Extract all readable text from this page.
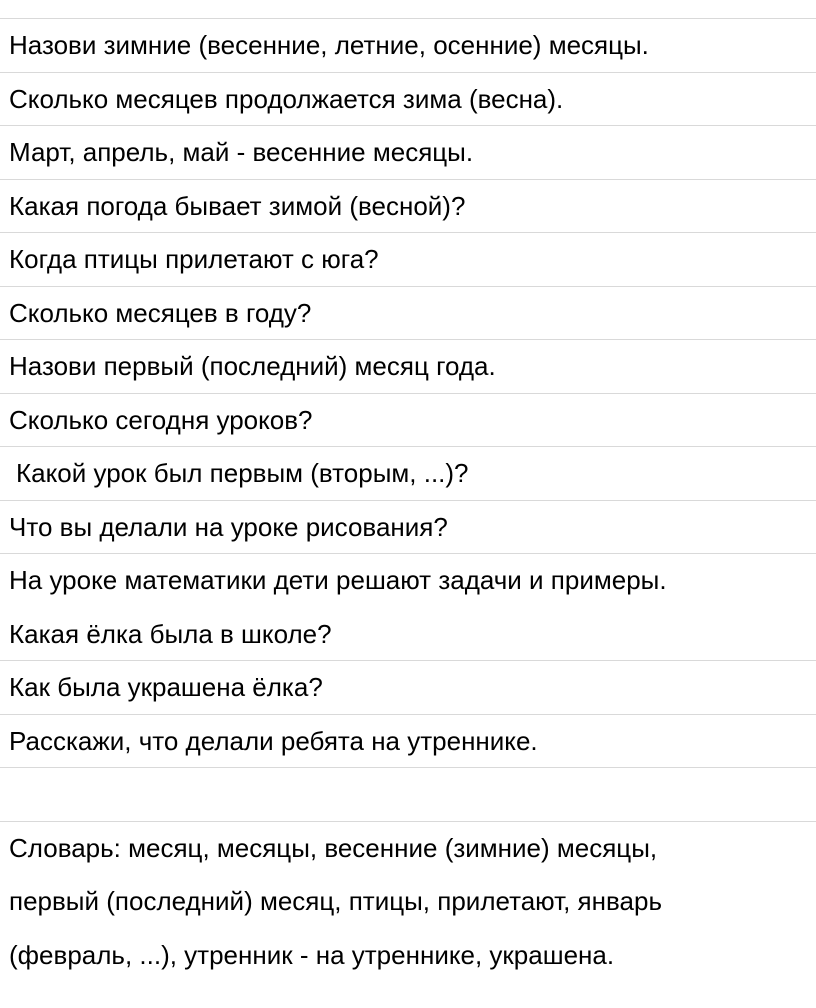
Назови зимние (весенние, летние, осенние) месяцы.
Сколько месяцев продолжается зима (весна).
Март, апрель, май - весенние месяцы.
Какая погода бывает зимой (весной)?
Когда птицы прилетают с юга?
Сколько месяцев в году?
Назови первый (последний) месяц года.
Сколько сегодня уроков?
Какой урок был первым (вторым, ...)?
Что вы делали на уроке рисования?
На уроке математики дети решают задачи и примеры.
Какая ёлка была в школе?
Как была украшена ёлка?
Расскажи, что делали ребята на утреннике.
Словарь: месяц, месяцы, весенние (зимние) месяцы,
первый (последний) месяц, птицы, прилетают, январь
(февраль, ...), утренник - на утреннике, украшена.
